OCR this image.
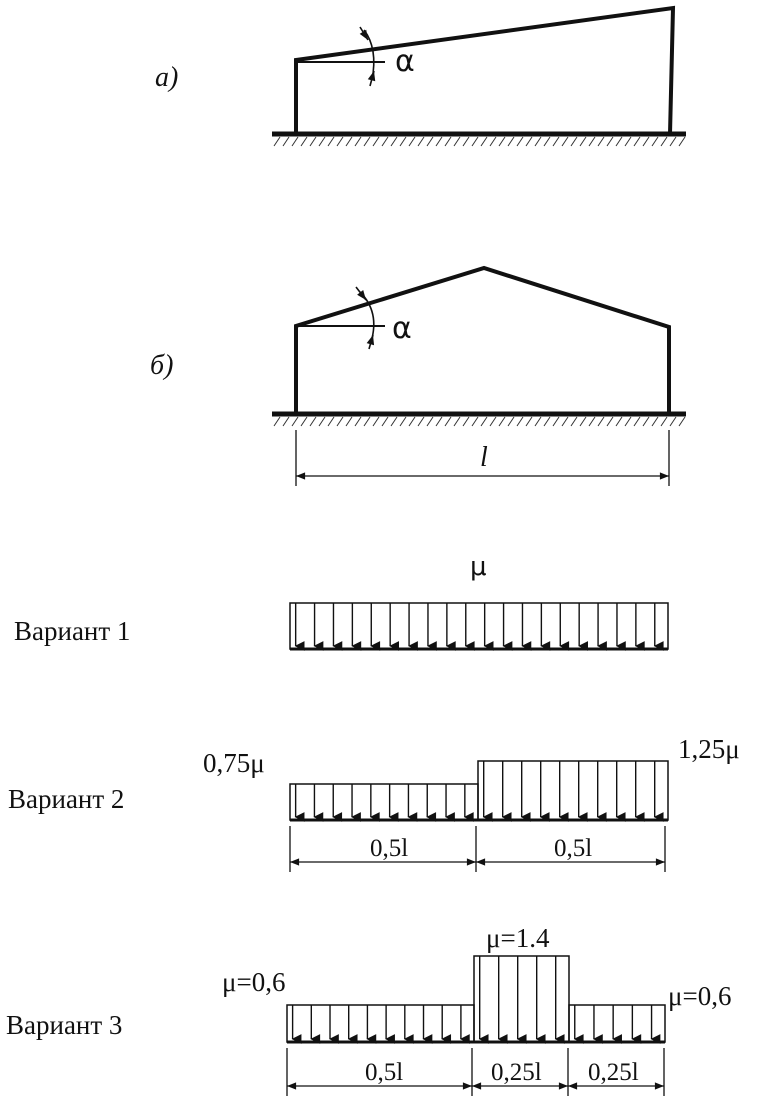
а)	α
б)
α
l
Вариант 1
μ
Вариант 2
0,75μ	1,25μ
0,5l	0,5l
Вариант 3
μ=0,6
μ=1.4
μ=0,6
0,5l	0,25l 0,25l
